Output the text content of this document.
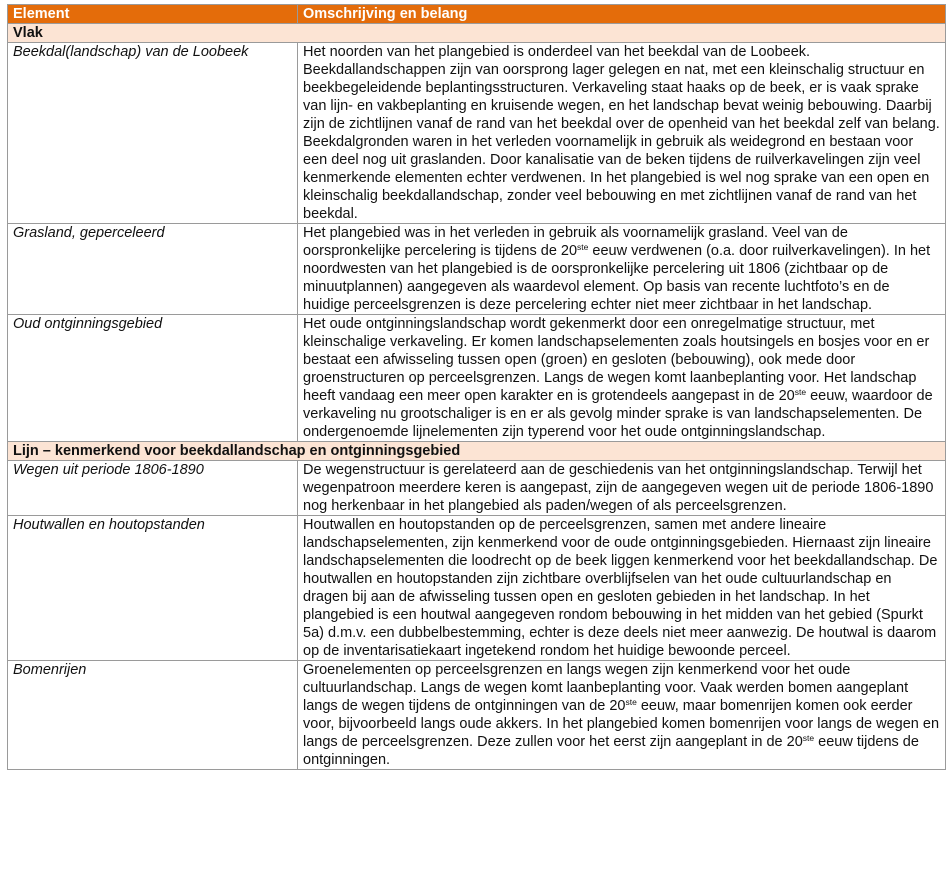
Element	Omschrijving en belang
Vlak	
Beekdal(landschap) van de Loobeek	Het noorden van het plangebied is onderdeel van het beekdal van de Loobeek. Beekdallandschappen zijn van oorsprong lager gelegen en nat, met een kleinschalig structuur en beekbegeleidende beplantingsstructuren. Verkaveling staat haaks op de beek, er is vaak sprake van lijn- en vakbeplanting en kruisende wegen, en het landschap bevat weinig bebouwing. Daarbij zijn de zichtlijnen vanaf de rand van het beekdal over de openheid van het beekdal zelf van belang. Beekdalgronden waren in het verleden voornamelijk in gebruik als weidegrond en bestaan voor een deel nog uit graslanden. Door kanalisatie van de beken tijdens de ruilverkavelingen zijn veel kenmerkende elementen echter verdwenen. In het plangebied is wel nog sprake van een open en kleinschalig beekdallandschap, zonder veel bebouwing en met zichtlijnen vanaf de rand van het beekdal.
Grasland, geperceleerd	Het plangebied was in het verleden in gebruik als voornamelijk grasland. Veel van de oorspronkelijke percelering is tijdens de 20ste eeuw verdwenen (o.a. door ruilverkavelingen). In het noordwesten van het plangebied is de oorspronkelijke percelering uit 1806 (zichtbaar op de minuutplannen) aangegeven als waardevol element. Op basis van recente luchtfoto’s en de huidige perceelsgrenzen is deze percelering echter niet meer zichtbaar in het landschap.
Oud ontginningsgebied	Het oude ontginningslandschap wordt gekenmerkt door een onregelmatige structuur, met kleinschalige verkaveling. Er komen landschapselementen zoals houtsingels en bosjes voor en er bestaat een afwisseling tussen open (groen) en gesloten (bebouwing), ook mede door groenstructuren op perceelsgrenzen. Langs de wegen komt laanbeplanting voor. Het landschap heeft vandaag een meer open karakter en is grotendeels aangepast in de 20ste eeuw, waardoor de verkaveling nu grootschaliger is en er als gevolg minder sprake is van landschapselementen. De ondergenoemde lijnelementen zijn typerend voor het oude ontginningslandschap.
Lijn – kenmerkend voor beekdallandschap en ontginningsgebied	
Wegen uit periode 1806-1890	De wegenstructuur is gerelateerd aan de geschiedenis van het ontginningslandschap. Terwijl het wegenpatroon meerdere keren is aangepast, zijn de aangegeven wegen uit de periode 1806-1890 nog herkenbaar in het plangebied als paden/wegen of als perceelsgrenzen.
Houtwallen en houtopstanden	Houtwallen en houtopstanden op de perceelsgrenzen, samen met andere lineaire landschapselementen, zijn kenmerkend voor de oude ontginningsgebieden. Hiernaast zijn lineaire landschapselementen die loodrecht op de beek liggen kenmerkend voor het beekdallandschap. De houtwallen en houtopstanden zijn zichtbare overblijfselen van het oude cultuurlandschap en dragen bij aan de afwisseling tussen open en gesloten gebieden in het landschap. In het plangebied is een houtwal aangegeven rondom bebouwing in het midden van het gebied (Spurkt 5a) d.m.v. een dubbelbestemming, echter is deze deels niet meer aanwezig. De houtwal is daarom op de inventarisatiekaart ingetekend rondom het huidige bewoonde perceel.
Bomenrijen	Groenelementen op perceelsgrenzen en langs wegen zijn kenmerkend voor het oude cultuurlandschap. Langs de wegen komt laanbeplanting voor. Vaak werden bomen aangeplant langs de wegen tijdens de ontginningen van de 20ste eeuw, maar bomenrijen komen ook eerder voor, bijvoorbeeld langs oude akkers. In het plangebied komen bomenrijen voor langs de wegen en langs de perceelsgrenzen. Deze zullen voor het eerst zijn aangeplant in de 20ste eeuw tijdens de ontginningen.
